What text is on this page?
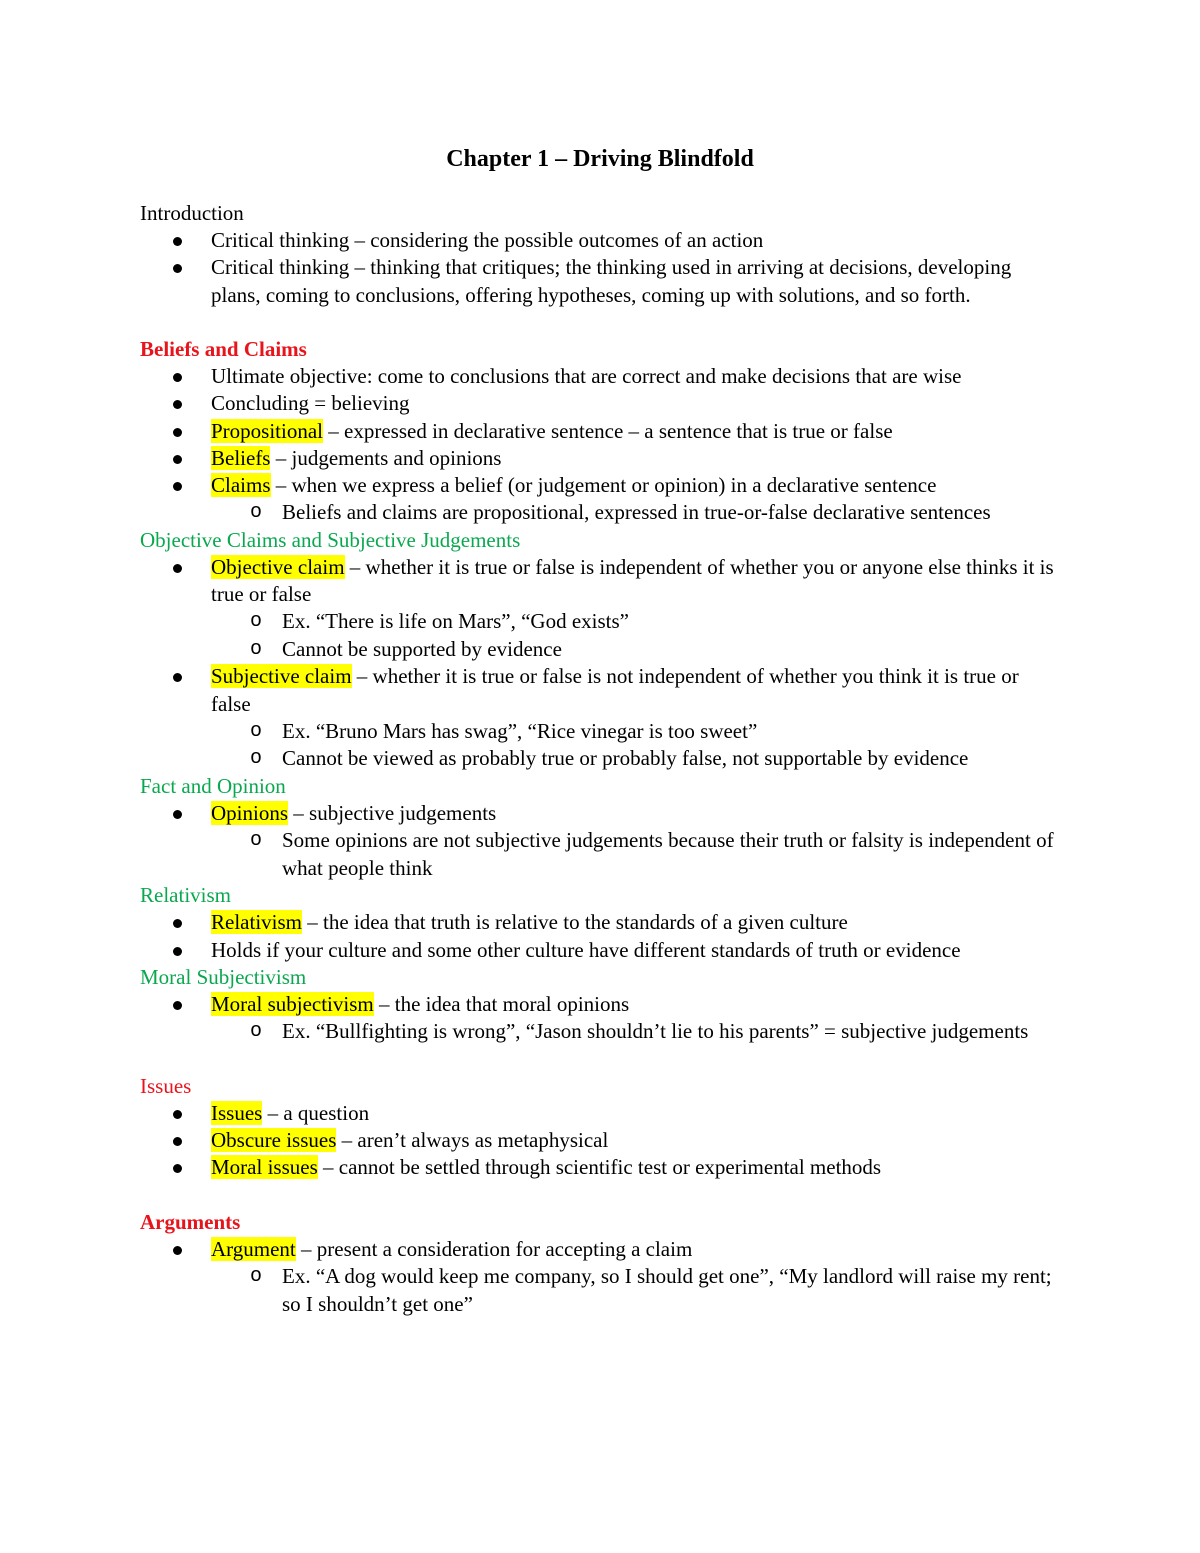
Chapter 1 – Driving Blindfold
Introduction
Critical thinking – considering the possible outcomes of an action
Critical thinking – thinking that critiques; the thinking used in arriving at decisions, developing plans, coming to conclusions, offering hypotheses, coming up with solutions, and so forth.
Beliefs and Claims
Ultimate objective: come to conclusions that are correct and make decisions that are wise
Concluding = believing
Propositional – expressed in declarative sentence – a sentence that is true or false
Beliefs – judgements and opinions
Claims – when we express a belief (or judgement or opinion) in a declarative sentence
o Beliefs and claims are propositional, expressed in true-or-false declarative sentences
Objective Claims and Subjective Judgements
Objective claim – whether it is true or false is independent of whether you or anyone else thinks it is true or false
o Ex. “There is life on Mars”, “God exists”
o Cannot be supported by evidence
Subjective claim – whether it is true or false is not independent of whether you think it is true or false
o Ex. “Bruno Mars has swag”, “Rice vinegar is too sweet”
o Cannot be viewed as probably true or probably false, not supportable by evidence
Fact and Opinion
Opinions – subjective judgements
o Some opinions are not subjective judgements because their truth or falsity is independent of what people think
Relativism
Relativism – the idea that truth is relative to the standards of a given culture
Holds if your culture and some other culture have different standards of truth or evidence
Moral Subjectivism
Moral subjectivism – the idea that moral opinions
o Ex. “Bullfighting is wrong”, “Jason shouldn’t lie to his parents” = subjective judgements
Issues
Issues – a question
Obscure issues – aren’t always as metaphysical
Moral issues – cannot be settled through scientific test or experimental methods
Arguments
Argument – present a consideration for accepting a claim
o Ex. “A dog would keep me company, so I should get one”, “My landlord will raise my rent; so I shouldn’t get one”
